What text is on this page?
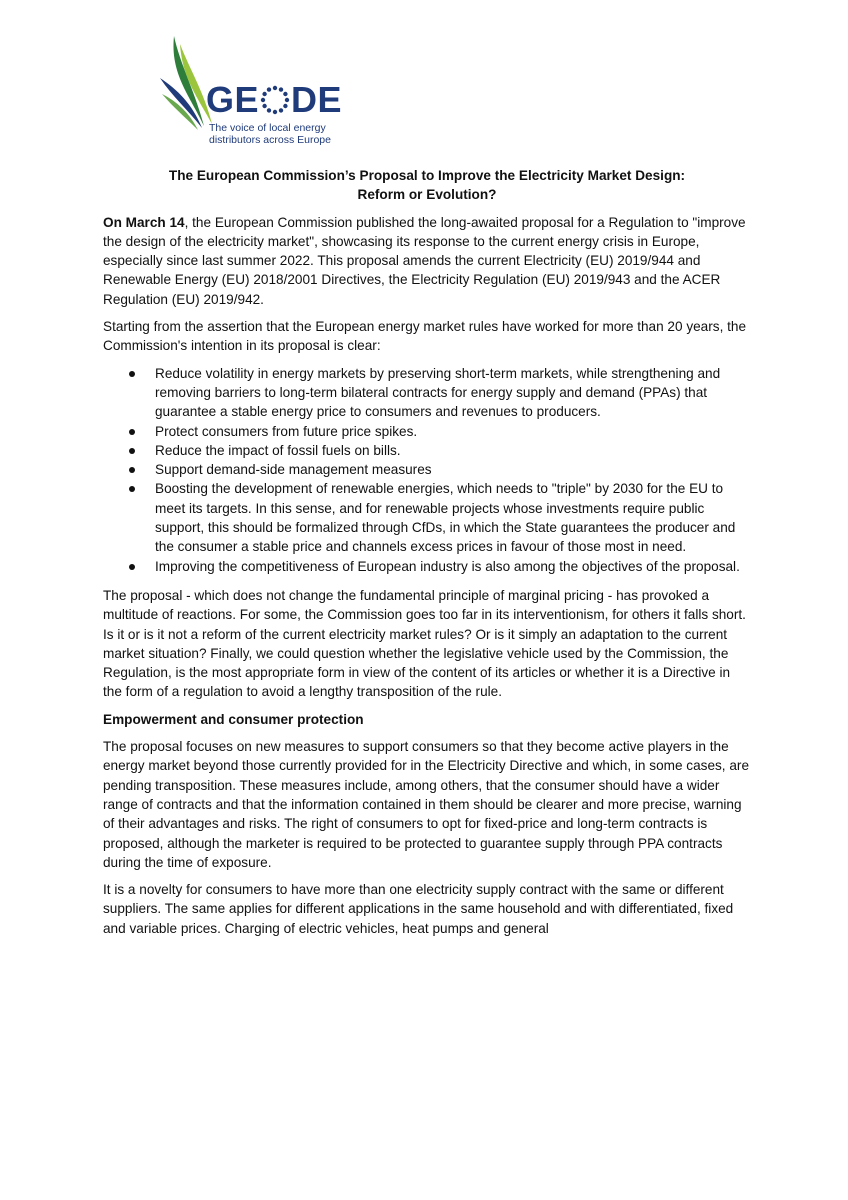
GE DE
The voice of local energy
distributors across Europe
The European Commission’s Proposal to Improve the Electricity Market Design:
Reform or Evolution?

On March 14, the European Commission published the long-awaited proposal for a Regulation to "improve the design of the electricity market", showcasing its response to the current energy crisis in Europe, especially since last summer 2022. This proposal amends the current Electricity (EU) 2019/944 and Renewable Energy (EU) 2018/2001 Directives, the Electricity Regulation (EU) 2019/943 and the ACER Regulation (EU) 2019/942.

Starting from the assertion that the European energy market rules have worked for more than 20 years, the Commission's intention in its proposal is clear:

Reduce volatility in energy markets by preserving short-term markets, while strengthening and removing barriers to long-term bilateral contracts for energy supply and demand (PPAs) that guarantee a stable energy price to consumers and revenues to producers.
Protect consumers from future price spikes.
Reduce the impact of fossil fuels on bills.
Support demand-side management measures
Boosting the development of renewable energies, which needs to "triple" by 2030 for the EU to meet its targets. In this sense, and for renewable projects whose investments require public support, this should be formalized through CfDs, in which the State guarantees the producer and the consumer a stable price and channels excess prices in favour of those most in need.
Improving the competitiveness of European industry is also among the objectives of the proposal.

The proposal - which does not change the fundamental principle of marginal pricing - has provoked a multitude of reactions. For some, the Commission goes too far in its interventionism, for others it falls short. Is it or is it not a reform of the current electricity market rules? Or is it simply an adaptation to the current market situation? Finally, we could question whether the legislative vehicle used by the Commission, the Regulation, is the most appropriate form in view of the content of its articles or whether it is a Directive in the form of a regulation to avoid a lengthy transposition of the rule.

Empowerment and consumer protection

The proposal focuses on new measures to support consumers so that they become active players in the energy market beyond those currently provided for in the Electricity Directive and which, in some cases, are pending transposition. These measures include, among others, that the consumer should have a wider range of contracts and that the information contained in them should be clearer and more precise, warning of their advantages and risks. The right of consumers to opt for fixed-price and long-term contracts is proposed, although the marketer is required to be protected to guarantee supply through PPA contracts during the time of exposure.

It is a novelty for consumers to have more than one electricity supply contract with the same or different suppliers. The same applies for different applications in the same household and with differentiated, fixed and variable prices. Charging of electric vehicles, heat pumps and general
